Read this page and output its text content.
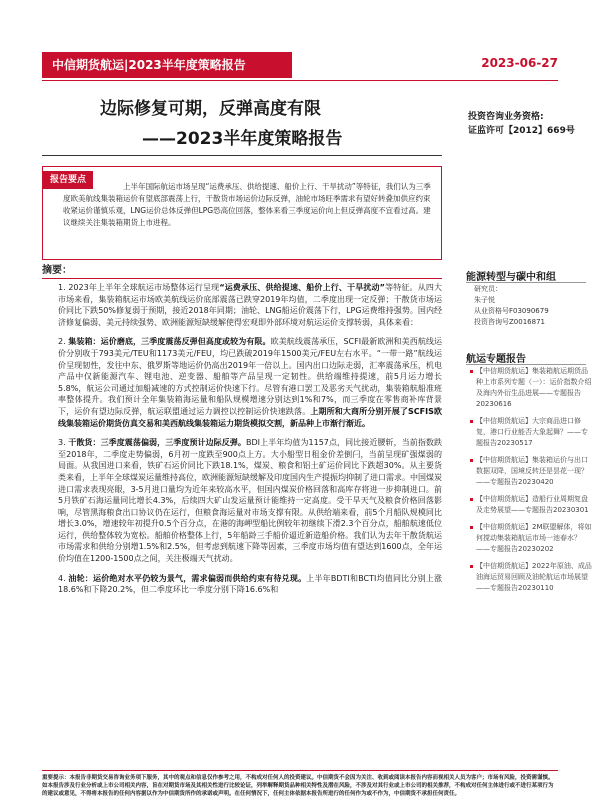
中信期货航运|2023半年度策略报告	2023-06-27
边际修复可期，反弹高度有限
——2023半年度策略报告
投资咨询业务资格:
证监许可【2012】669号
报告要点
上半年国际航运市场呈现“运费承压、供给提速、船价上行、干旱扰动”等特征，我们认为三季度欧美航线集装箱运价有望底部震荡上行，干散货市场运价边际反弹，油轮市场旺季需求有望好转叠加供应约束收紧运价谨慎乐观，LNG运价总体反弹但LPG恐高位回落，整体来看三季度运价向上但反弹高度不宜看过高。建议继续关注集装箱期货上市进程。
摘要：

1. 2023年上半年全球航运市场整体运行呈现“运费承压、供给提速、船价上行、干旱扰动”等特征。从四大市场来看，集装箱航运市场欧美航线运价底部震荡已跌穿2019年均值，二季度出现一定反弹；干散货市场运价同比下跌50%修复弱于预期，接近2018年同期；油轮、LNG船运价震荡下行，LPG运费维持强势。国内经济修复偏弱、美元持续强势、欧洲能源短缺缓解使得宏观即外部环境对航运运价支撑转弱，具体来看：

2. 集装箱：运价磨底，三季度震荡反弹但高度或较为有限。欧美航线震荡承压，SCFI最新欧洲和美西航线运价分别收于793美元/TEU和1173美元/FEU，均已跌破2019年1500美元/FEU左右水平。“一带一路”航线运价呈现韧性，发往中东、俄罗斯等地运价仍高出2019年一倍以上。国内出口边际走弱，汇率震荡承压，机电产品中仅新能源汽车、锂电池、逆变器、船舶等产品呈现一定韧性。供给端维持提速，前5月运力增长5.8%，航运公司通过加船减速的方式控制运价快速下行。尽管有港口罢工及恶劣天气扰动，集装箱航船准班率整体提升。我们预计全年集装箱海运量和船队规模增速分别达到1%和7%，而三季度在零售商补库背景下，运价有望边际反弹，航运联盟通过运力调控以控制运价快速跌落。上期所和大商所分别开展了SCFIS欧线集装箱运价期货仿真交易和美西航线集装箱运力期货模拟交割，新品种上市渐行渐近。

3. 干散货：三季度震荡偏弱，三季度预计边际反弹。BDI上半年均值为1157点，同比接近腰斩，当前指数跌至2018年，二季度走势偏弱，6月初一度跌至900点上方。大小船型日租金价差倒闩，当前呈现矿强煤弱的局面。从我国进口来看，铁矿石运价同比下跌18.1%，煤炭、粮食和铝土矿运价同比下跌超30%。从主要货类来看，上半年全球煤炭运量维持高位，欧洲能源短缺缓解及印度国内生产提振均抑制了进口需求。中国煤炭进口需求表现亮眼，3-5月进口量均为近年来较高水平，但国内煤炭价格回落和高库存将进一步抑制进口。前5月铁矿石海运量同比增长4.3%，后续四大矿山发运量预计能维持一定高度。受干旱天气及粮食价格回落影响，尽管黑海粮食出口协议仍在运行，但粮食海运量对市场支撑有限。从供给端来看，前5个月船队规模同比增长3.0%，增速较年初提升0.5个百分点，在港的海岬型船比例较年初继续下滑2.3个百分点，船舶航速低位运行，供给整体较为宽松。船舶价格整体上行，5年船龄三手船价逼近新造船价格。我们认为去年干散货航运市场需求和供给分别增1.5%和2.5%，但考虑到航速下降等因素，三季度市场均值有望达到1600点，全年运价均值在1200-1500点之间，关注极端天气扰动。

4. 油轮：运价绝对水平仍较为景气，需求偏弱而供给约束有待兑现。上半年BDTI和BCTI均值同比分别上涨18.6%和下降20.2%，但二季度环比一季度分别下降16.6%和

能源转型与碳中和组
研究员：
朱子悦
从业资格号F03090679
投资咨询号Z0016871
航运专题报告
【中信期货航运】集装箱航运期货品种上市系列专题（一）：运价指数介绍及海内外衍生品进展——专题报告20230616
【中信期货航运】大宗商品进口修复，港口行业能否大象起舞？——专题报告20230517
【中信期货航运】集装箱运价与出口数据双降，国境反转还是昙花一现？——专题报告20230420
【中信期货航运】造船行业周期复盘及走势展望——专题报告20230301
【中信期货航运】2M联盟解体，将如何搅动集装箱航运市场一池春水？——专题报告20230202
【中信期货航运】2022年原油、成品油海运贸易回顾及油轮航运市场展望——专题报告20230110
重要提示：本报告非期货交易咨询业务项下服务，其中的观点和信息仅作参考之用，不构成对任何人的投资建议。中信期货不会因为关注、收到或阅读本报告内容而视相关人员为客户；市场有风险，投资需谨慎。如本报告涉及行业分析或上市公司相关内容，旨在对期货市场及其相关性进行比较论证，列举解释期货品种相关特性及潜在风险，不涉及对其行业或上市公司的相关推荐，不构成对任何主体进行或不进行某项行为的建议或意见，不得将本报告的任何内容据以作为中信期货所作的承诺或声明。在任何情况下，任何主体依据本报告所进行的任何作为或不作为，中信期货不承担任何责任。
